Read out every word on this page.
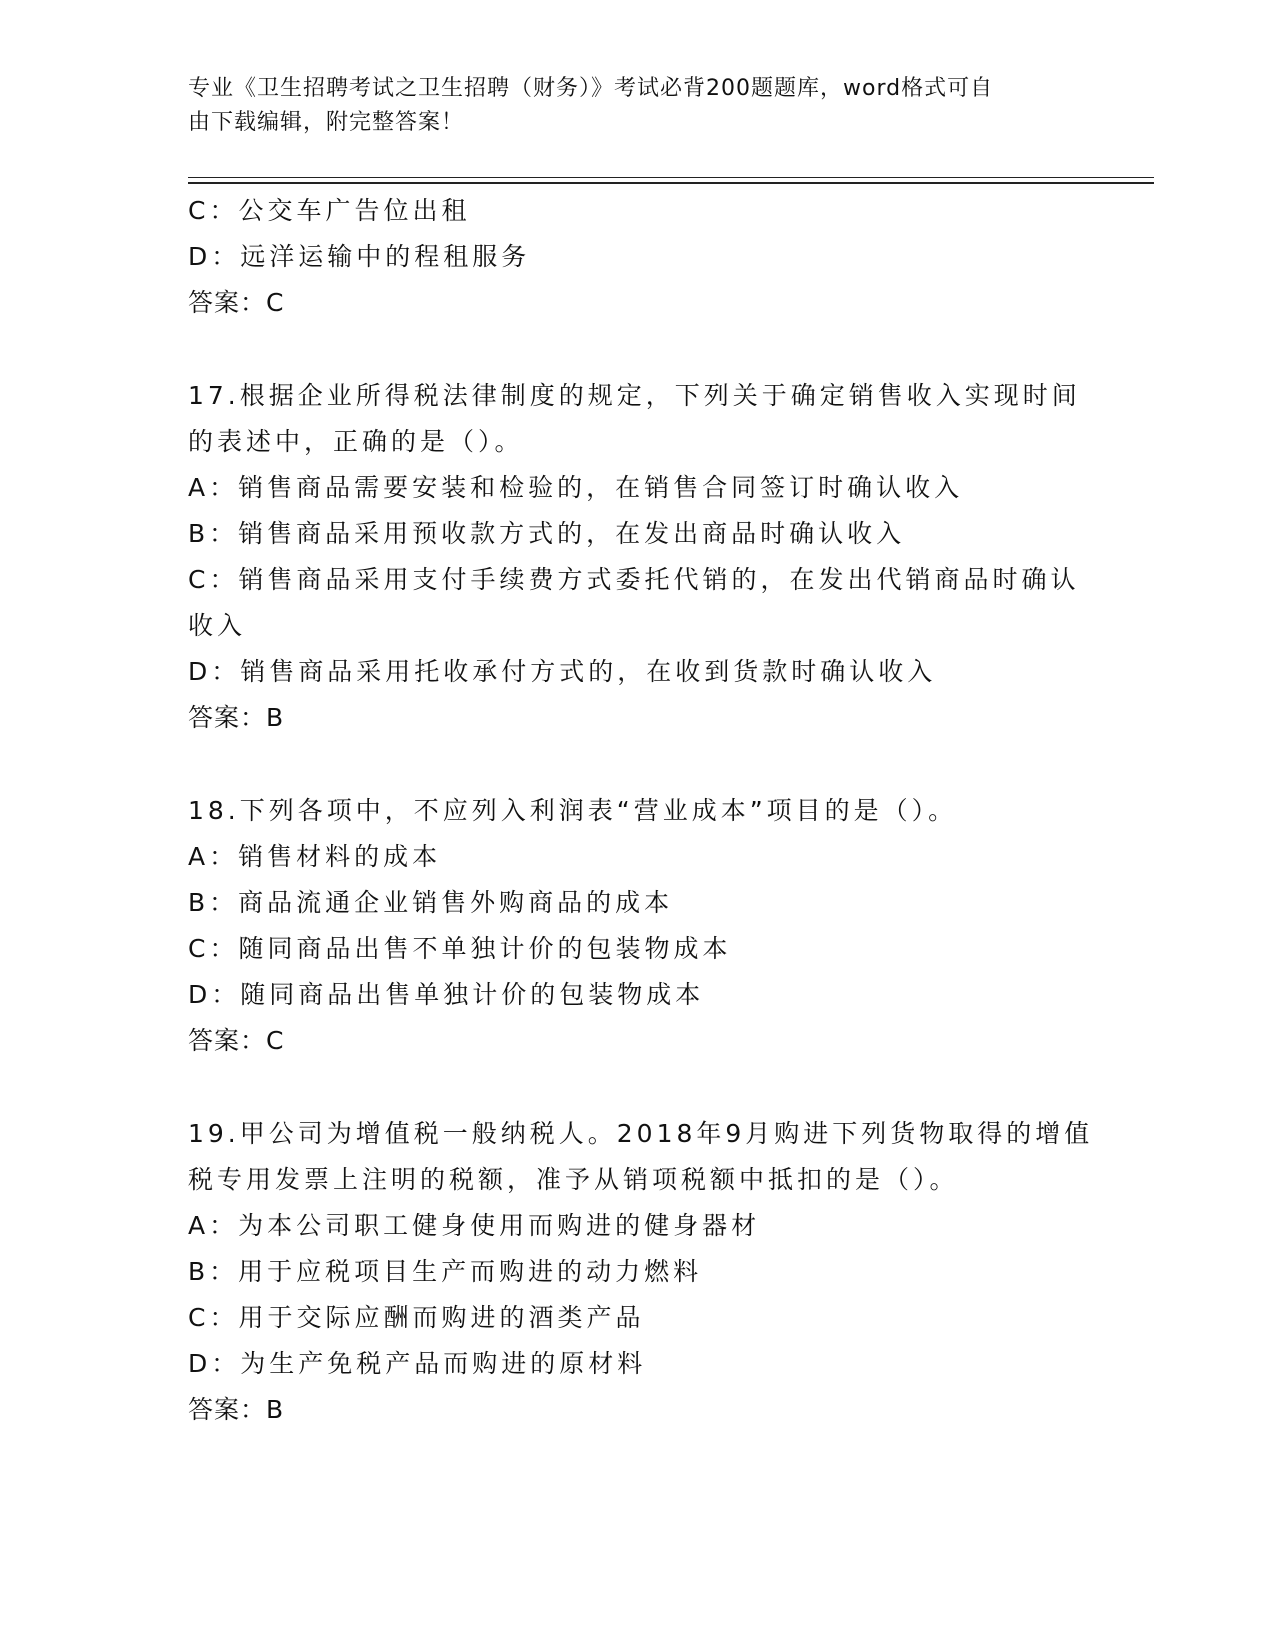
专业《卫生招聘考试之卫生招聘（财务）》考试必背200题题库，word格式可自
由下载编辑，附完整答案！
C：公交车广告位出租
D：远洋运输中的程租服务
答案：C
17.根据企业所得税法律制度的规定，下列关于确定销售收入实现时间
的表述中，正确的是（）。
A：销售商品需要安装和检验的，在销售合同签订时确认收入
B：销售商品采用预收款方式的，在发出商品时确认收入
C：销售商品采用支付手续费方式委托代销的，在发出代销商品时确认
收入
D：销售商品采用托收承付方式的，在收到货款时确认收入
答案：B
18.下列各项中，不应列入利润表“营业成本”项目的是（）。
A：销售材料的成本
B：商品流通企业销售外购商品的成本
C：随同商品出售不单独计价的包装物成本
D：随同商品出售单独计价的包装物成本
答案：C
19.甲公司为增值税一般纳税人。2018年9月购进下列货物取得的增值
税专用发票上注明的税额，准予从销项税额中抵扣的是（）。
A：为本公司职工健身使用而购进的健身器材
B：用于应税项目生产而购进的动力燃料
C：用于交际应酬而购进的酒类产品
D：为生产免税产品而购进的原材料
答案：B
